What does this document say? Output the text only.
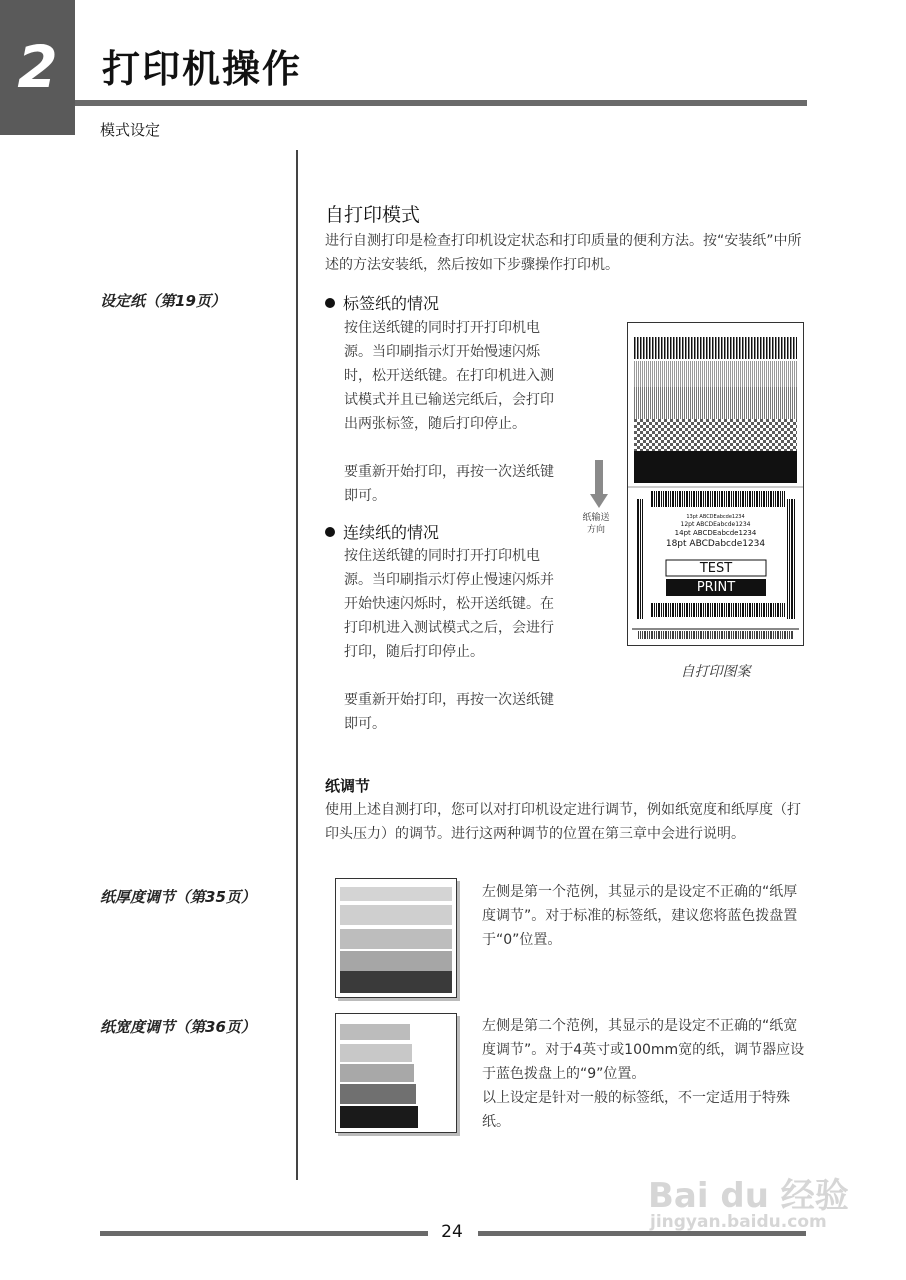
2	打印机操作
模式设定
自打印模式
进行自测打印是检查打印机设定状态和打印质量的便利方法。按“安装纸”中所述的方法安装纸，然后按如下步骤操作打印机。
设定纸（第19页）	标签纸的情况
按住送纸键的同时打开打印机电源。当印刷指示灯开始慢速闪烁时，松开送纸键。在打印机进入测试模式并且已输送完纸后，会打印出两张标签，随后打印停止。
要重新开始打印，再按一次送纸键即可。
连续纸的情况
按住送纸键的同时打开打印机电源。当印刷指示灯停止慢速闪烁并开始快速闪烁时，松开送纸键。在打印机进入测试模式之后，会进行打印，随后打印停止。
要重新开始打印，再按一次送纸键即可。
纸输送方向
13pt ABCDEabcde1234
12pt ABCDEabcde1234
14pt ABCDEabcde1234
18pt ABCDabcde1234
TEST
PRINT
自打印图案
纸调节
使用上述自测打印，您可以对打印机设定进行调节，例如纸宽度和纸厚度（打印头压力）的调节。进行这两种调节的位置在第三章中会进行说明。
纸厚度调节（第35页）	左侧是第一个范例，其显示的是设定不正确的“纸厚度调节”。对于标准的标签纸，建议您将蓝色拨盘置于“0”位置。
纸宽度调节（第36页）	左侧是第二个范例，其显示的是设定不正确的“纸宽度调节”。对于4英寸或100mm宽的纸，调节器应设于蓝色拨盘上的“9”位置。
以上设定是针对一般的标签纸，不一定适用于特殊纸。
24
Bai du 经验
jingyan.baidu.com
